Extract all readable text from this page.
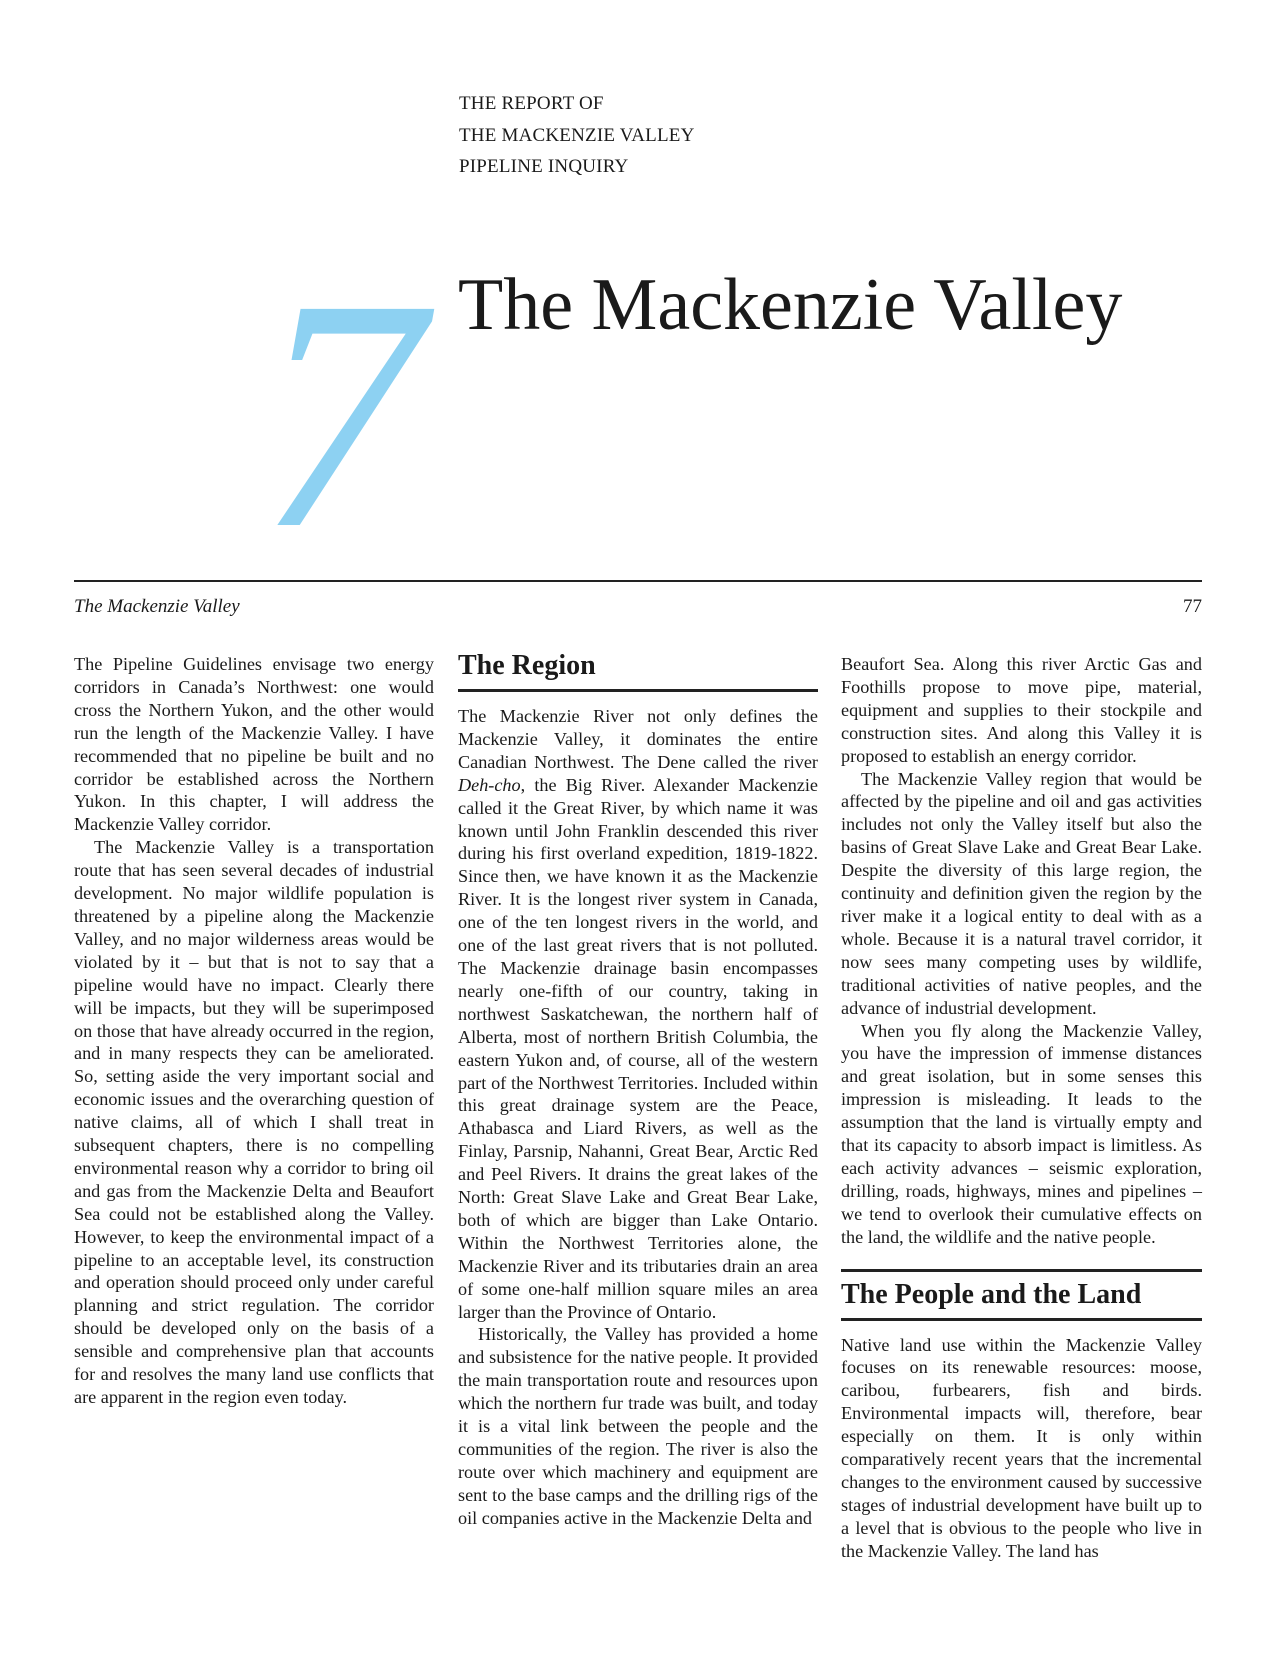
THE REPORT OF
THE MACKENZIE VALLEY
PIPELINE INQUIRY
7 The Mackenzie Valley
The Mackenzie Valley	77

The Pipeline Guidelines envisage two energy corridors in Canada’s Northwest: one would cross the Northern Yukon, and the other would run the length of the Mackenzie Valley. I have recommended that no pipeline be built and no corridor be established across the Northern Yukon. In this chapter, I will address the Mackenzie Valley corridor.

The Mackenzie Valley is a transportation route that has seen several decades of industrial development. No major wildlife population is threatened by a pipeline along the Mackenzie Valley, and no major wilderness areas would be violated by it – but that is not to say that a pipeline would have no impact. Clearly there will be impacts, but they will be superimposed on those that have already occurred in the region, and in many respects they can be ameliorated. So, setting aside the very important social and economic issues and the overarching question of native claims, all of which I shall treat in subsequent chapters, there is no compelling environmental reason why a corridor to bring oil and gas from the Mackenzie Delta and Beaufort Sea could not be established along the Valley. However, to keep the environmental impact of a pipeline to an acceptable level, its construction and operation should proceed only under careful planning and strict regulation. The corridor should be developed only on the basis of a sensible and comprehensive plan that accounts for and resolves the many land use conflicts that are apparent in the region even today.

The Region

The Mackenzie River not only defines the Mackenzie Valley, it dominates the entire Canadian Northwest. The Dene called the river Deh-cho, the Big River. Alexander Mackenzie called it the Great River, by which name it was known until John Franklin descended this river during his first overland expedition, 1819-1822. Since then, we have known it as the Mackenzie River. It is the longest river system in Canada, one of the ten longest rivers in the world, and one of the last great rivers that is not polluted. The Mackenzie drainage basin encompasses nearly one-fifth of our country, taking in northwest Saskatchewan, the northern half of Alberta, most of northern British Columbia, the eastern Yukon and, of course, all of the western part of the Northwest Territories. Included within this great drainage system are the Peace, Athabasca and Liard Rivers, as well as the Finlay, Parsnip, Nahanni, Great Bear, Arctic Red and Peel Rivers. It drains the great lakes of the North: Great Slave Lake and Great Bear Lake, both of which are bigger than Lake Ontario. Within the Northwest Territories alone, the Mackenzie River and its tributaries drain an area of some one-half million square miles an area larger than the Province of Ontario.

Historically, the Valley has provided a home and subsistence for the native people. It provided the main transportation route and resources upon which the northern fur trade was built, and today it is a vital link between the people and the communities of the region. The river is also the route over which machinery and equipment are sent to the base camps and the drilling rigs of the oil companies active in the Mackenzie Delta and

Beaufort Sea. Along this river Arctic Gas and Foothills propose to move pipe, material, equipment and supplies to their stockpile and construction sites. And along this Valley it is proposed to establish an energy corridor.

The Mackenzie Valley region that would be affected by the pipeline and oil and gas activities includes not only the Valley itself but also the basins of Great Slave Lake and Great Bear Lake. Despite the diversity of this large region, the continuity and definition given the region by the river make it a logical entity to deal with as a whole. Because it is a natural travel corridor, it now sees many competing uses by wildlife, traditional activities of native peoples, and the advance of industrial development.

When you fly along the Mackenzie Valley, you have the impression of immense distances and great isolation, but in some senses this impression is misleading. It leads to the assumption that the land is virtually empty and that its capacity to absorb impact is limitless. As each activity advances – seismic exploration, drilling, roads, highways, mines and pipelines – we tend to overlook their cumulative effects on the land, the wildlife and the native people.

The People and the Land

Native land use within the Mackenzie Valley focuses on its renewable resources: moose, caribou, furbearers, fish and birds. Environmental impacts will, therefore, bear especially on them. It is only within comparatively recent years that the incremental changes to the environment caused by successive stages of industrial development have built up to a level that is obvious to the people who live in the Mackenzie Valley. The land has
